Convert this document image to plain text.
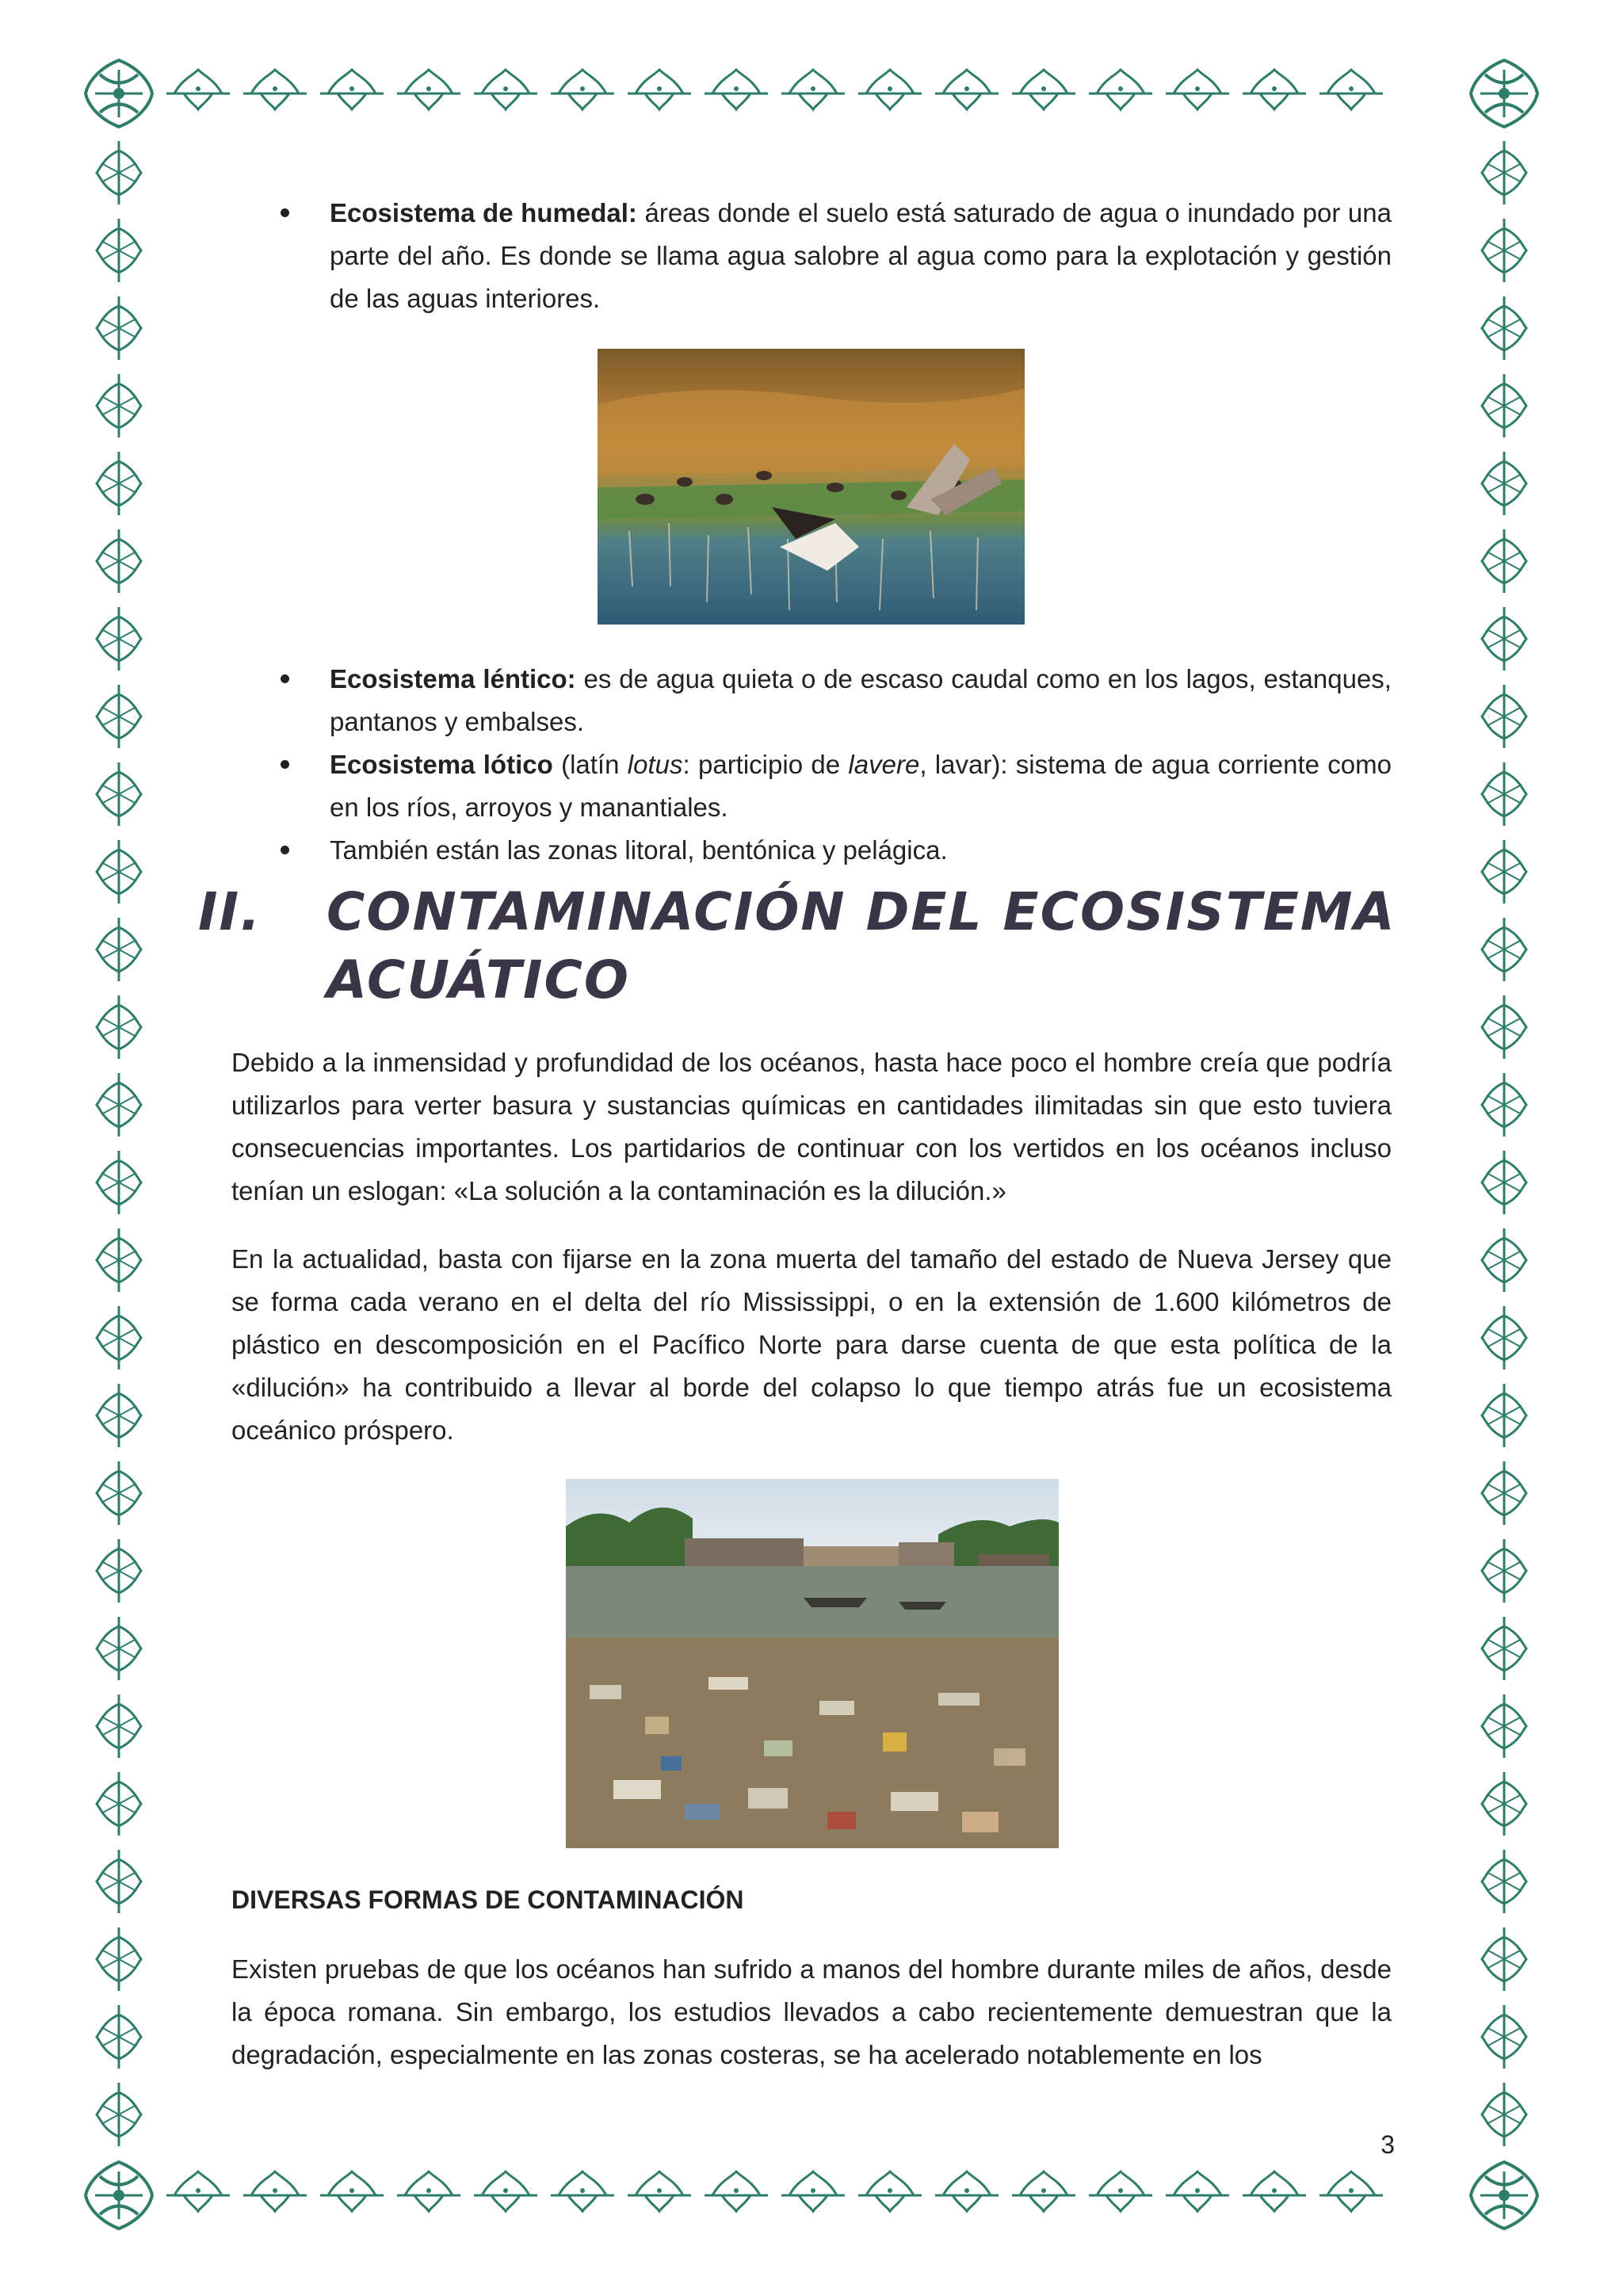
Ecosistema de humedal: áreas donde el suelo está saturado de agua o inundado por una parte del año. Es donde se llama agua salobre al agua como para la explotación y gestión de las aguas interiores.
Ecosistema léntico: es de agua quieta o de escaso caudal como en los lagos, estanques, pantanos y embalses.
Ecosistema lótico (latín lotus: participio de lavere, lavar): sistema de agua corriente como en los ríos, arroyos y manantiales.
También están las zonas litoral, bentónica y pelágica.
II. CONTAMINACIÓN DEL ECOSISTEMA ACUÁTICO

Debido a la inmensidad y profundidad de los océanos, hasta hace poco el hombre creía que podría utilizarlos para verter basura y sustancias químicas en cantidades ilimitadas sin que esto tuviera consecuencias importantes. Los partidarios de continuar con los vertidos en los océanos incluso tenían un eslogan: «La solución a la contaminación es la dilución.»

En la actualidad, basta con fijarse en la zona muerta del tamaño del estado de Nueva Jersey que se forma cada verano en el delta del río Mississippi, o en la extensión de 1.600 kilómetros de plástico en descomposición en el Pacífico Norte para darse cuenta de que esta política de la «dilución» ha contribuido a llevar al borde del colapso lo que tiempo atrás fue un ecosistema oceánico próspero.

DIVERSAS FORMAS DE CONTAMINACIÓN

Existen pruebas de que los océanos han sufrido a manos del hombre durante miles de años, desde la época romana. Sin embargo, los estudios llevados a cabo recientemente demuestran que la degradación, especialmente en las zonas costeras, se ha acelerado notablemente en los

3
